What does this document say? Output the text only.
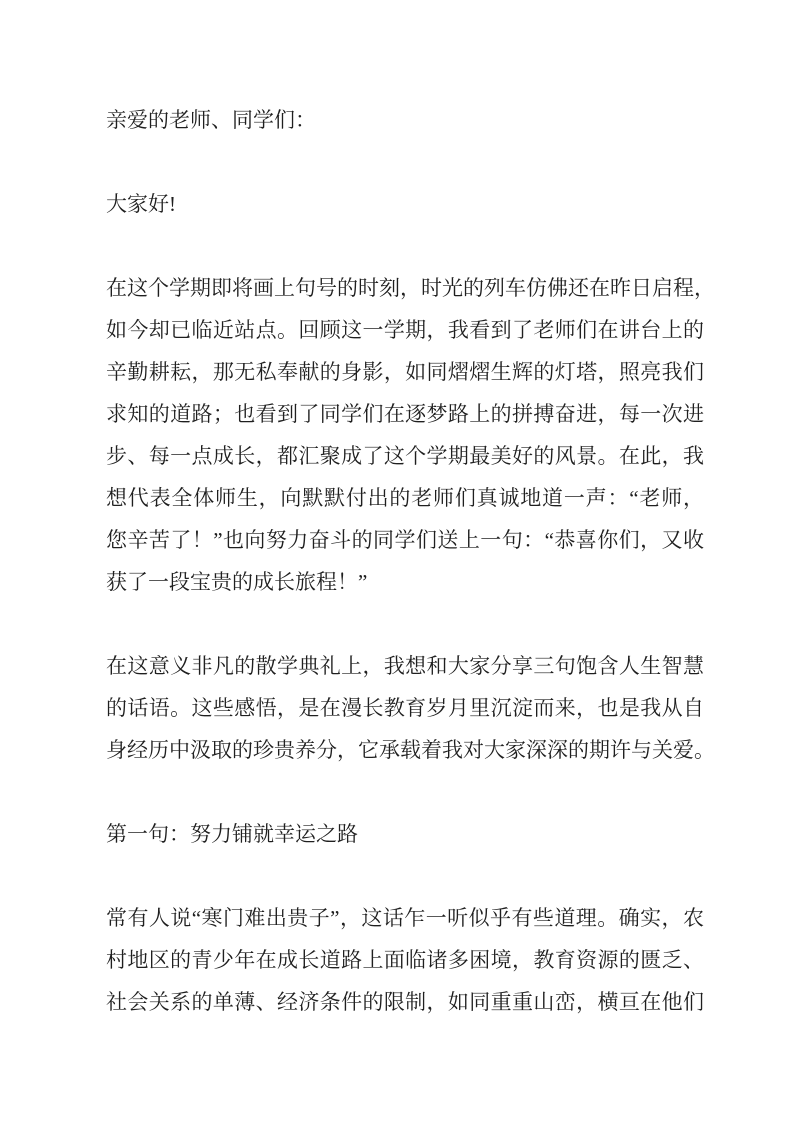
亲爱的老师、同学们：

大家好!

在这个学期即将画上句号的时刻，时光的列车仿佛还在昨日启程，

如今却已临近站点。回顾这一学期，我看到了老师们在讲台上的

辛勤耕耘，那无私奉献的身影，如同熠熠生辉的灯塔，照亮我们

求知的道路；也看到了同学们在逐梦路上的拼搏奋进，每一次进

步、每一点成长，都汇聚成了这个学期最美好的风景。在此，我

想代表全体师生，向默默付出的老师们真诚地道一声：“老师，

您辛苦了！”也向努力奋斗的同学们送上一句：“恭喜你们，又收

获了一段宝贵的成长旅程！”

在这意义非凡的散学典礼上，我想和大家分享三句饱含人生智慧

的话语。这些感悟，是在漫长教育岁月里沉淀而来，也是我从自

身经历中汲取的珍贵养分，它承载着我对大家深深的期许与关爱。

第一句：努力铺就幸运之路

常有人说“寒门难出贵子”，这话乍一听似乎有些道理。确实，农

村地区的青少年在成长道路上面临诸多困境，教育资源的匮乏、

社会关系的单薄、经济条件的限制，如同重重山峦，横亘在他们
